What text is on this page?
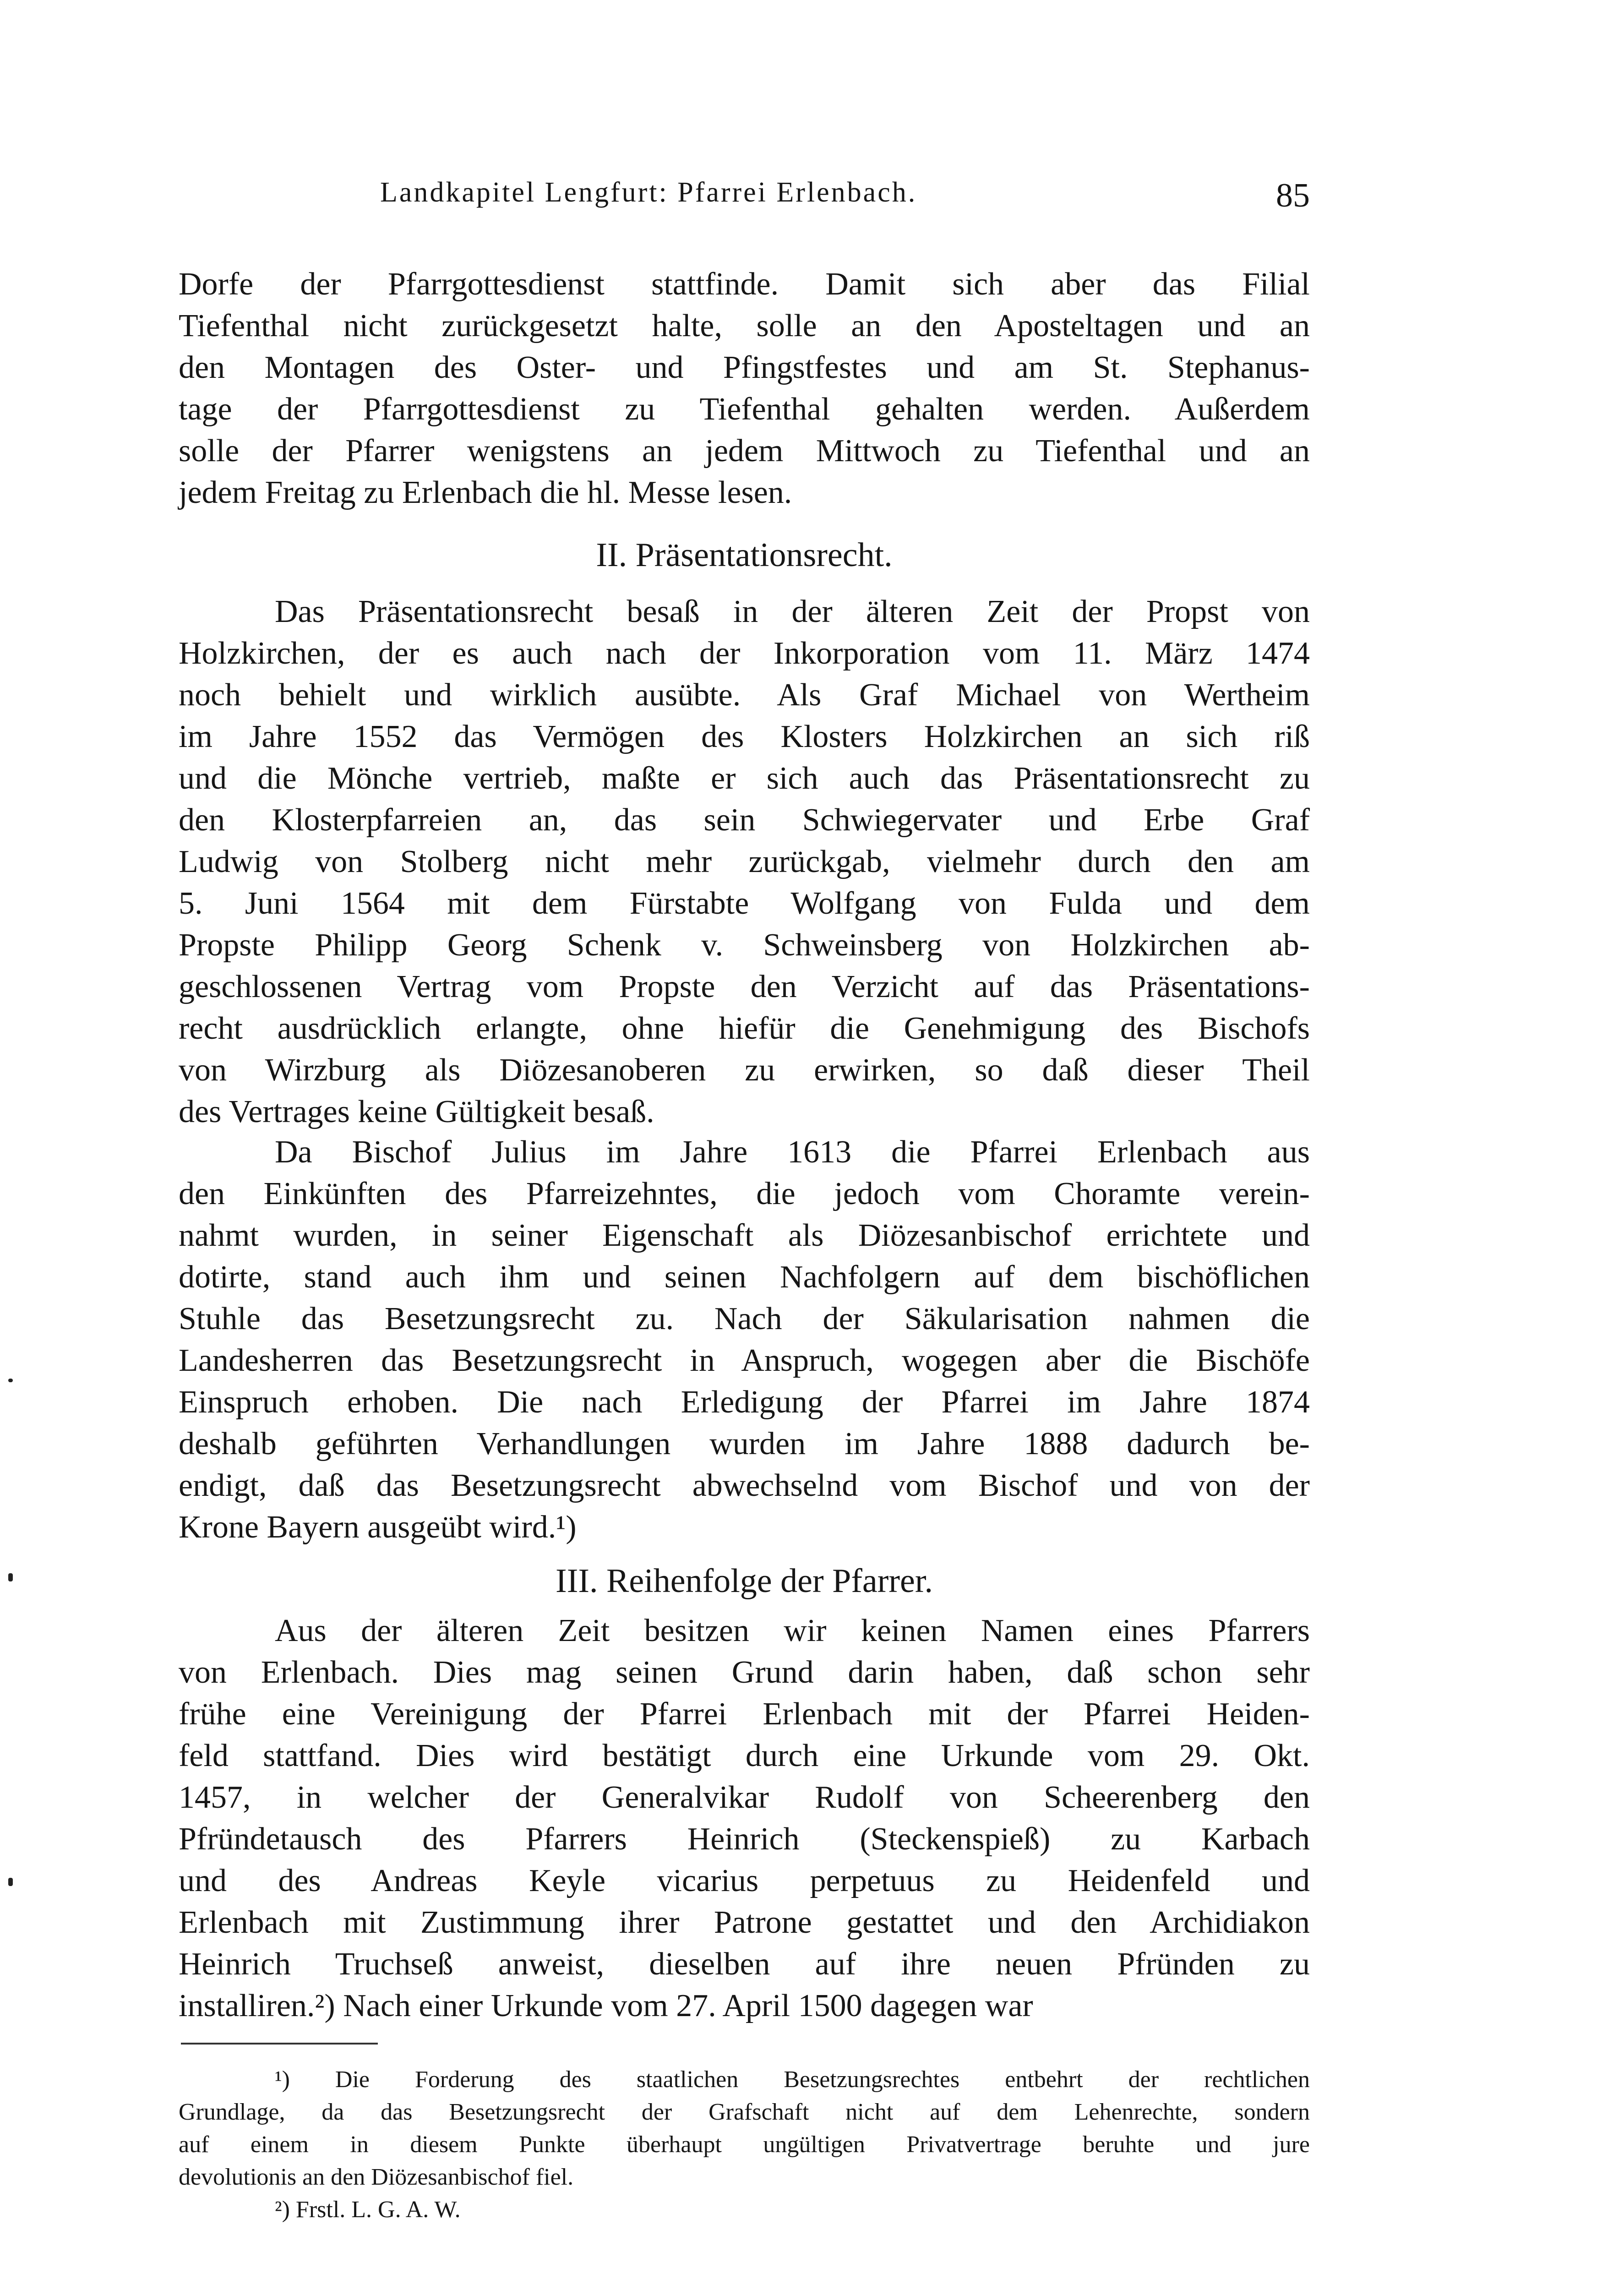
Landkapitel Lengfurt: Pfarrei Erlenbach.	85
Dorfe der Pfarrgottesdienst stattfinde. Damit sich aber das Filial
Tiefenthal nicht zurückgesetzt halte, solle an den Aposteltagen und an
den Montagen des Oster- und Pfingstfestes und am St. Stephanus-
tage der Pfarrgottesdienst zu Tiefenthal gehalten werden. Außerdem
solle der Pfarrer wenigstens an jedem Mittwoch zu Tiefenthal und an
jedem Freitag zu Erlenbach die hl. Messe lesen.
II. Präsentationsrecht.
Das Präsentationsrecht besaß in der älteren Zeit der Propst von
Holzkirchen, der es auch nach der Inkorporation vom 11. März 1474
noch behielt und wirklich ausübte. Als Graf Michael von Wertheim
im Jahre 1552 das Vermögen des Klosters Holzkirchen an sich riß
und die Mönche vertrieb, maßte er sich auch das Präsentationsrecht zu
den Klosterpfarreien an, das sein Schwiegervater und Erbe Graf
Ludwig von Stolberg nicht mehr zurückgab, vielmehr durch den am
5. Juni 1564 mit dem Fürstabte Wolfgang von Fulda und dem
Propste Philipp Georg Schenk v. Schweinsberg von Holzkirchen ab-
geschlossenen Vertrag vom Propste den Verzicht auf das Präsentations-
recht ausdrücklich erlangte, ohne hiefür die Genehmigung des Bischofs
von Wirzburg als Diözesanoberen zu erwirken, so daß dieser Theil
des Vertrages keine Gültigkeit besaß.
Da Bischof Julius im Jahre 1613 die Pfarrei Erlenbach aus
den Einkünften des Pfarreizehntes, die jedoch vom Choramte verein-
nahmt wurden, in seiner Eigenschaft als Diözesanbischof errichtete und
dotirte, stand auch ihm und seinen Nachfolgern auf dem bischöflichen
Stuhle das Besetzungsrecht zu. Nach der Säkularisation nahmen die
Landesherren das Besetzungsrecht in Anspruch, wogegen aber die Bischöfe
Einspruch erhoben. Die nach Erledigung der Pfarrei im Jahre 1874
deshalb geführten Verhandlungen wurden im Jahre 1888 dadurch be-
endigt, daß das Besetzungsrecht abwechselnd vom Bischof und von der
Krone Bayern ausgeübt wird.¹)
III. Reihenfolge der Pfarrer.
Aus der älteren Zeit besitzen wir keinen Namen eines Pfarrers
von Erlenbach. Dies mag seinen Grund darin haben, daß schon sehr
frühe eine Vereinigung der Pfarrei Erlenbach mit der Pfarrei Heiden-
feld stattfand. Dies wird bestätigt durch eine Urkunde vom 29. Okt.
1457, in welcher der Generalvikar Rudolf von Scheerenberg den
Pfründetausch des Pfarrers Heinrich (Steckenspieß) zu Karbach
und des Andreas Keyle vicarius perpetuus zu Heidenfeld und
Erlenbach mit Zustimmung ihrer Patrone gestattet und den Archidiakon
Heinrich Truchseß anweist, dieselben auf ihre neuen Pfründen zu
installiren.²) Nach einer Urkunde vom 27. April 1500 dagegen war
¹) Die Forderung des staatlichen Besetzungsrechtes entbehrt der rechtlichen
Grundlage, da das Besetzungsrecht der Grafschaft nicht auf dem Lehenrechte, sondern
auf einem in diesem Punkte überhaupt ungültigen Privatvertrage beruhte und jure
devolutionis an den Diözesanbischof fiel.
²) Frstl. L. G. A. W.
